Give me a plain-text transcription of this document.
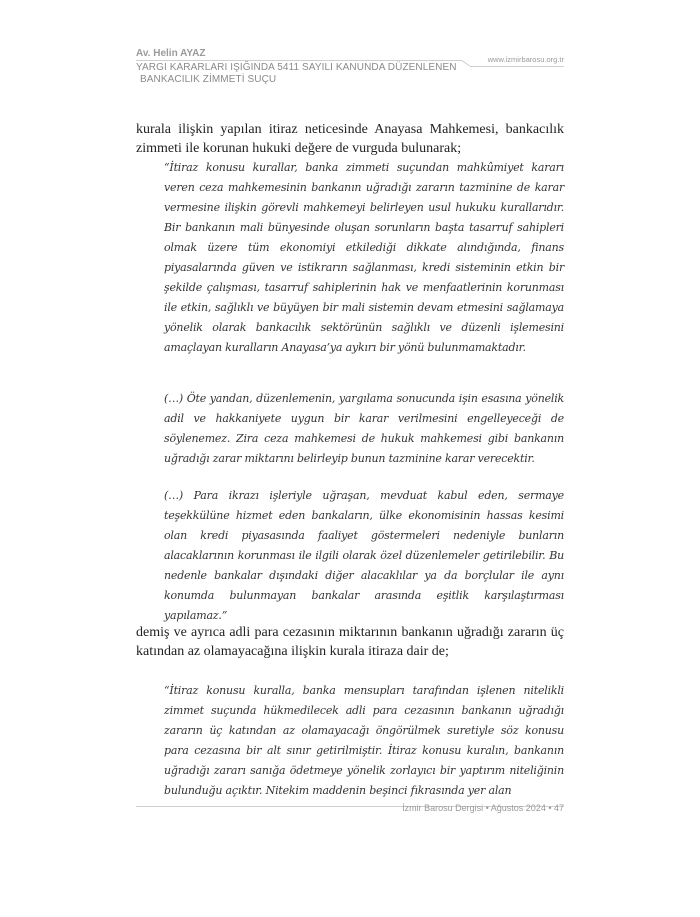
Av. Helin AYAZ
YARGI KARARLARI IŞIĞINDA 5411 SAYILI KANUNDA DÜZENLENEN
BANKACILIK ZİMMETİ SUÇU
www.izmirbarosu.org.tr

kurala ilişkin yapılan itiraz neticesinde Anayasa Mahkemesi, bankacılık zimmeti ile korunan hukuki değere de vurguda bulunarak;

“İtiraz konusu kurallar, banka zimmeti suçundan mahkûmiyet kararı veren ceza mahkemesinin bankanın uğradığı zararın tazminine de karar vermesine ilişkin görevli mahkemeyi belirleyen usul hukuku kurallarıdır. Bir bankanın mali bünyesinde oluşan sorunların başta tasarruf sahipleri olmak üzere tüm ekonomiyi etkilediği dikkate alındığında, finans piyasalarında güven ve istikrarın sağlanması, kredi sisteminin etkin bir şekilde çalışması, tasarruf sahiplerinin hak ve menfaatlerinin korunması ile etkin, sağlıklı ve büyüyen bir mali sistemin devam etmesini sağlamaya yönelik olarak bankacılık sektörünün sağlıklı ve düzenli işlemesini amaçlayan kuralların Anayasa’ya aykırı bir yönü bulunmamaktadır.

(…) Öte yandan, düzenlemenin, yargılama sonucunda işin esasına yönelik adil ve hakkaniyete uygun bir karar verilmesini engelleyeceği de söylenemez. Zira ceza mahkemesi de hukuk mahkemesi gibi bankanın uğradığı zarar miktarını belirleyip bunun tazminine karar verecektir.

(…) Para ikrazı işleriyle uğraşan, mevduat kabul eden, sermaye teşekkülüne hizmet eden bankaların, ülke ekonomisinin hassas kesimi olan kredi piyasasında faaliyet göstermeleri nedeniyle bunların alacaklarının korunması ile ilgili olarak özel düzenlemeler getirilebilir. Bu nedenle bankalar dışındaki diğer alacaklılar ya da borçlular ile aynı konumda bulunmayan bankalar arasında eşitlik karşılaştırması yapılamaz.”

demiş ve ayrıca adli para cezasının miktarının bankanın uğradığı zararın üç katından az olamayacağına ilişkin kurala itiraza dair de;

“İtiraz konusu kuralla, banka mensupları tarafından işlenen nitelikli zimmet suçunda hükmedilecek adli para cezasının bankanın uğradığı zararın üç katından az olamayacağı öngörülmek suretiyle söz konusu para cezasına bir alt sınır getirilmiştir. İtiraz konusu kuralın, bankanın uğradığı zararı sanığa ödetmeye yönelik zorlayıcı bir yaptırım niteliğinin bulunduğu açıktır. Nitekim maddenin beşinci fıkrasında yer alan

İzmir Barosu Dergisi • Ağustos 2024 • 47
